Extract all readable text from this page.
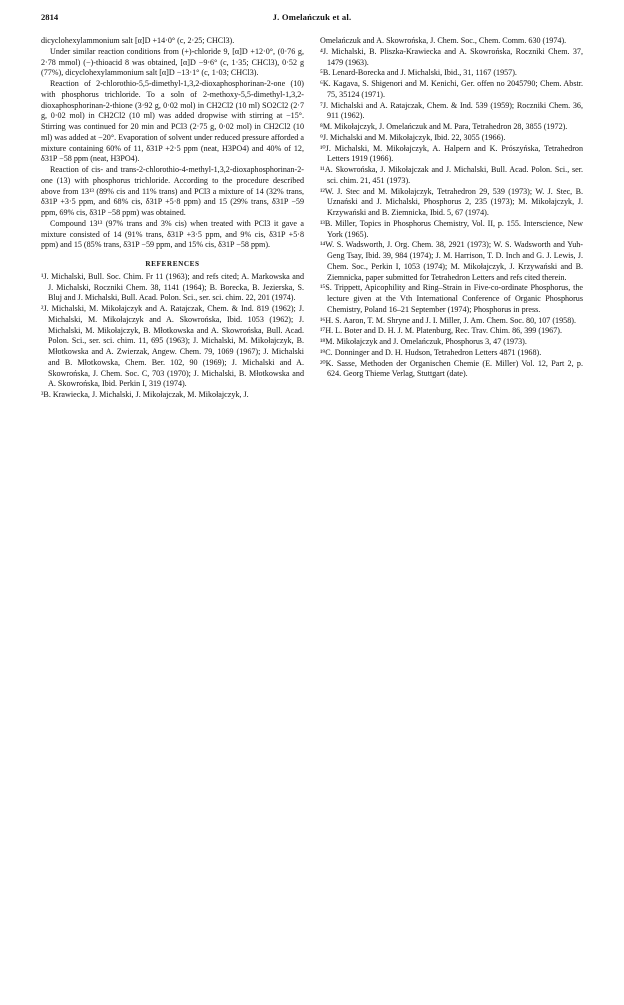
2814	J. Omelańczuk et al.

dicyclohexylammonium salt [α]D +14·0° (c, 2·25; CHCl3).

Under similar reaction conditions from (+)-chloride 9, [α]D +12·0°, (0·76 g, 2·78 mmol) (−)-thioacid 8 was obtained, [α]D −9·6° (c, 1·35; CHCl3), 0·52 g (77%), dicyclohexylammonium salt [α]D −13·1° (c, 1·03; CHCl3).

Reaction of 2-chlorothio-5,5-dimethyl-1,3,2-dioxaphosphorinan-2-one (10) with phosphorus trichloride. To a soln of 2-methoxy-5,5-dimethyl-1,3,2-dioxaphosphorinan-2-thione (3·92 g, 0·02 mol) in CH2Cl2 (10 ml) SO2Cl2 (2·7 g, 0·02 mol) in CH2Cl2 (10 ml) was added dropwise with stirring at −15°. Stirring was continued for 20 min and PCl3 (2·75 g, 0·02 mol) in CH2Cl2 (10 ml) was added at −20°. Evaporation of solvent under reduced pressure afforded a mixture containing 60% of 11, δ31P +2·5 ppm (neat, H3PO4) and 40% of 12, δ31P −58 ppm (neat, H3PO4).

Reaction of cis- and trans-2-chlorothio-4-methyl-1,3,2-dioxaphosphorinan-2-one (13) with phosphorus trichloride. According to the procedure described above from 13¹³ (89% cis and 11% trans) and PCl3 a mixture of 14 (32% trans, δ31P +3·5 ppm, and 68% cis, δ31P +5·8 ppm) and 15 (29% trans, δ31P −59 ppm, 69% cis, δ31P −58 ppm) was obtained.

Compound 13¹³ (97% trans and 3% cis) when treated with PCl3 it gave a mixture consisted of 14 (91% trans, δ31P +3·5 ppm, and 9% cis, δ31P +5·8 ppm) and 15 (85% trans, δ31P −59 ppm, and 15% cis, δ31P −58 ppm).

REFERENCES

¹J. Michalski, Bull. Soc. Chim. Fr 11 (1963); and refs cited; A. Markowska and J. Michalski, Roczniki Chem. 38, 1141 (1964); B. Borecka, B. Jezierska, S. Bluj and J. Michalski, Bull. Acad. Polon. Sci., ser. sci. chim. 22, 201 (1974).

²J. Michalski, M. Mikołajczyk and A. Ratajczak, Chem. & Ind. 819 (1962); J. Michalski, M. Mikołajczyk and A. Skowrońska, Ibid. 1053 (1962); J. Michalski, M. Mikołajczyk, B. Młotkowska and A. Skowrońska, Bull. Acad. Polon. Sci., ser. sci. chim. 11, 695 (1963); J. Michalski, M. Mikołajczyk, B. Młotkowska and A. Zwierzak, Angew. Chem. 79, 1069 (1967); J. Michalski and B. Młotkowska, Chem. Ber. 102, 90 (1969); J. Michalski and A. Skowrońska, J. Chem. Soc. C, 703 (1970); J. Michalski, B. Młotkowska and A. Skowrońska, Ibid. Perkin I, 319 (1974).

³B. Krawiecka, J. Michalski, J. Mikołajczak, M. Mikołajczyk, J.

Omelańczuk and A. Skowrońska, J. Chem. Soc., Chem. Comm. 630 (1974).

⁴J. Michalski, B. Pliszka-Krawiecka and A. Skowrońska, Roczniki Chem. 37, 1479 (1963).

⁵B. Lenard-Borecka and J. Michalski, Ibid., 31, 1167 (1957).

⁶K. Kagava, S. Shigenori and M. Kenichi, Ger. offen no 2045790; Chem. Abstr. 75, 35124 (1971).

⁷J. Michalski and A. Ratajczak, Chem. & Ind. 539 (1959); Roczniki Chem. 36, 911 (1962).

⁸M. Mikołajczyk, J. Omelańczuk and M. Para, Tetrahedron 28, 3855 (1972).

⁹J. Michalski and M. Mikołajczyk, Ibid. 22, 3055 (1966).

¹⁰J. Michalski, M. Mikołajczyk, A. Halpern and K. Prószyńska, Tetrahedron Letters 1919 (1966).

¹¹A. Skowrońska, J. Mikołajczak and J. Michalski, Bull. Acad. Polon. Sci., ser. sci. chim. 21, 451 (1973).

¹²W. J. Stec and M. Mikołajczyk, Tetrahedron 29, 539 (1973); W. J. Stec, B. Uznański and J. Michalski, Phosphorus 2, 235 (1973); M. Mikołajczyk, J. Krzywański and B. Ziemnicka, Ibid. 5, 67 (1974).

¹³B. Miller, Topics in Phosphorus Chemistry, Vol. II, p. 155. Interscience, New York (1965).

¹⁴W. S. Wadsworth, J. Org. Chem. 38, 2921 (1973); W. S. Wadsworth and Yuh-Geng Tsay, Ibid. 39, 984 (1974); J. M. Harrison, T. D. Inch and G. J. Lewis, J. Chem. Soc., Perkin I, 1053 (1974); M. Mikołajczyk, J. Krzywański and B. Ziemnicka, paper submitted for Tetrahedron Letters and refs cited therein.

¹⁵S. Trippett, Apicophility and Ring–Strain in Five-co-ordinate Phosphorus, the lecture given at the Vth International Conference of Organic Phosphorus Chemistry, Poland 16–21 September (1974); Phosphorus in press.

¹⁶H. S. Aaron, T. M. Shryne and J. I. Miller, J. Am. Chem. Soc. 80, 107 (1958).

¹⁷H. L. Boter and D. H. J. M. Platenburg, Rec. Trav. Chim. 86, 399 (1967).

¹⁸M. Mikołajczyk and J. Omelańczuk, Phosphorus 3, 47 (1973).

¹⁹C. Donninger and D. H. Hudson, Tetrahedron Letters 4871 (1968).

²⁰K. Sasse, Methoden der Organischen Chemie (E. Miller) Vol. 12, Part 2, p. 624. Georg Thieme Verlag, Stuttgart (date).
